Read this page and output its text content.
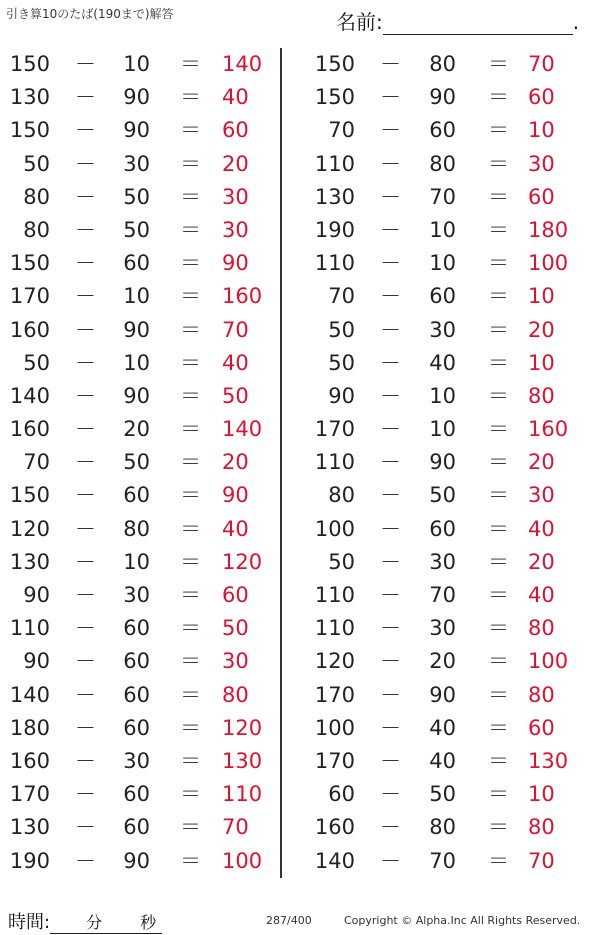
引き算10のたば(190まで)解答	名前:	.
150 －	10 ＝ 140
130 －	90 ＝ 40
150 －	90 ＝ 60
50 －	30 ＝ 20
80 －	50 ＝ 30
80 －	50 ＝ 30
150 －	60 ＝ 90
170 －	10 ＝ 160
160 －	90 ＝ 70
50 －	10 ＝ 40
140 －	90 ＝ 50
160 －	20 ＝ 140
70 －	50 ＝ 20
150 －	60 ＝ 90
120 －	80 ＝ 40
130 －	10 ＝ 120
90 －	30 ＝ 60
110 －	60 ＝ 50
90 －	60 ＝ 30
140 －	60 ＝ 80
180 －	60 ＝ 120
160 －	30 ＝ 130
170 －	60 ＝ 110
130 －	60 ＝ 70
190 －	90 ＝ 100
150 －	80 ＝ 70
150 －	90 ＝ 60
70 －	60 ＝ 10
110 －	80 ＝ 30
130 －	70 ＝ 60
190 －	10 ＝ 180
110 －	10 ＝ 100
70 －	60 ＝ 10
50 －	30 ＝ 20
50 －	40 ＝ 10
90 －	10 ＝ 80
170 －	10 ＝ 160
110 －	90 ＝ 20
80 －	50 ＝ 30
100 －	60 ＝ 40
50 －	30 ＝ 20
110 －	70 ＝ 40
110 －	30 ＝ 80
120 －	20 ＝ 100
170 －	90 ＝ 80
100 －	40 ＝ 60
170 －	40 ＝ 130
60 －	50 ＝ 10
160 －	80 ＝ 80
140 －	70 ＝ 70
時間: 分 秒	287/400	Copyright © Alpha.Inc All Rights Reserved.
